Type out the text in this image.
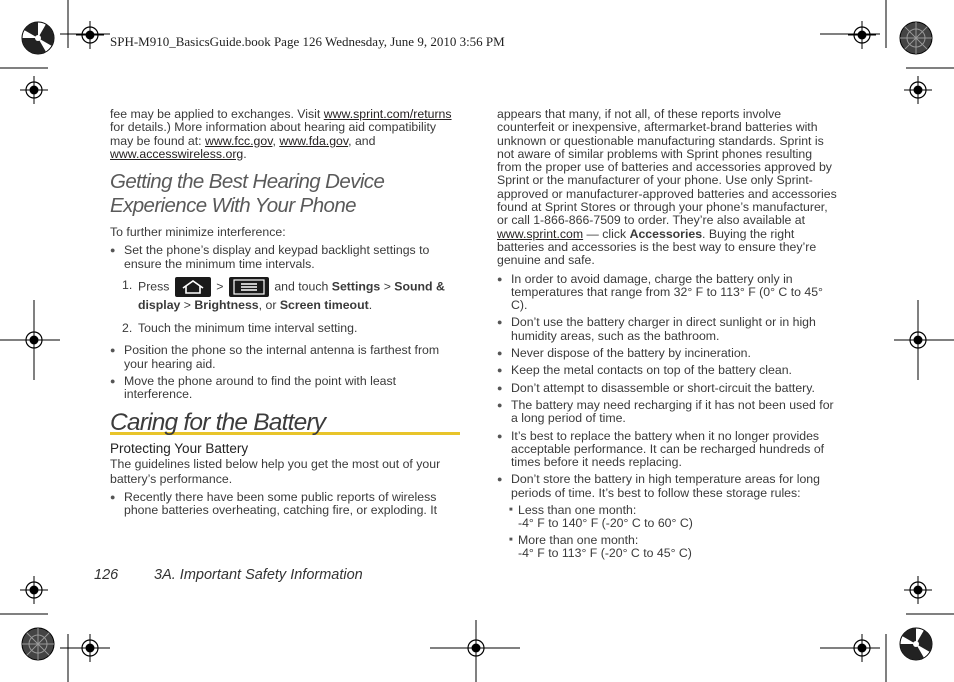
SPH-M910_BasicsGuide.book Page 126 Wednesday, June 9, 2010 3:56 PM

fee may be applied to exchanges. Visit www.sprint.com/returns for details.) More information about hearing aid compatibility may be found at: www.fcc.gov, www.fda.gov, and www.accesswireless.org.

Getting the Best Hearing Device Experience With Your Phone

To further minimize interference:

● Set the phone’s display and keypad backlight settings to ensure the minimum time intervals.
1. Press	>	and touch Settings > Sound & display > Brightness, or Screen timeout.
2. Touch the minimum time interval setting.
● Position the phone so the internal antenna is farthest from your hearing aid.
● Move the phone around to find the point with least interference.
Caring for the Battery
Protecting Your Battery

The guidelines listed below help you get the most out of your battery’s performance.

● Recently there have been some public reports of wireless phone batteries overheating, catching fire, or exploding. It

appears that many, if not all, of these reports involve counterfeit or inexpensive, aftermarket-brand batteries with unknown or questionable manufacturing standards. Sprint is not aware of similar problems with Sprint phones resulting from the proper use of batteries and accessories approved by Sprint or the manufacturer of your phone. Use only Sprint-approved or manufacturer-approved batteries and accessories found at Sprint Stores or through your phone’s manufacturer, or call 1-866-866-7509 to order. They’re also available at www.sprint.com — click Accessories. Buying the right batteries and accessories is the best way to ensure they’re genuine and safe.

● In order to avoid damage, charge the battery only in temperatures that range from 32° F to 113° F (0° C to 45° C).
● Don’t use the battery charger in direct sunlight or in high humidity areas, such as the bathroom.
● Never dispose of the battery by incineration.
● Keep the metal contacts on top of the battery clean.
● Don’t attempt to disassemble or short-circuit the battery.
● The battery may need recharging if it has not been used for a long period of time.
● It’s best to replace the battery when it no longer provides acceptable performance. It can be recharged hundreds of times before it needs replacing.
● Don’t store the battery in high temperature areas for long periods of time. It’s best to follow these storage rules:
■ Less than one month:
-4° F to 140° F (-20° C to 60° C)
■ More than one month:
-4° F to 113° F (-20° C to 45° C)
126 3A. Important Safety Information
